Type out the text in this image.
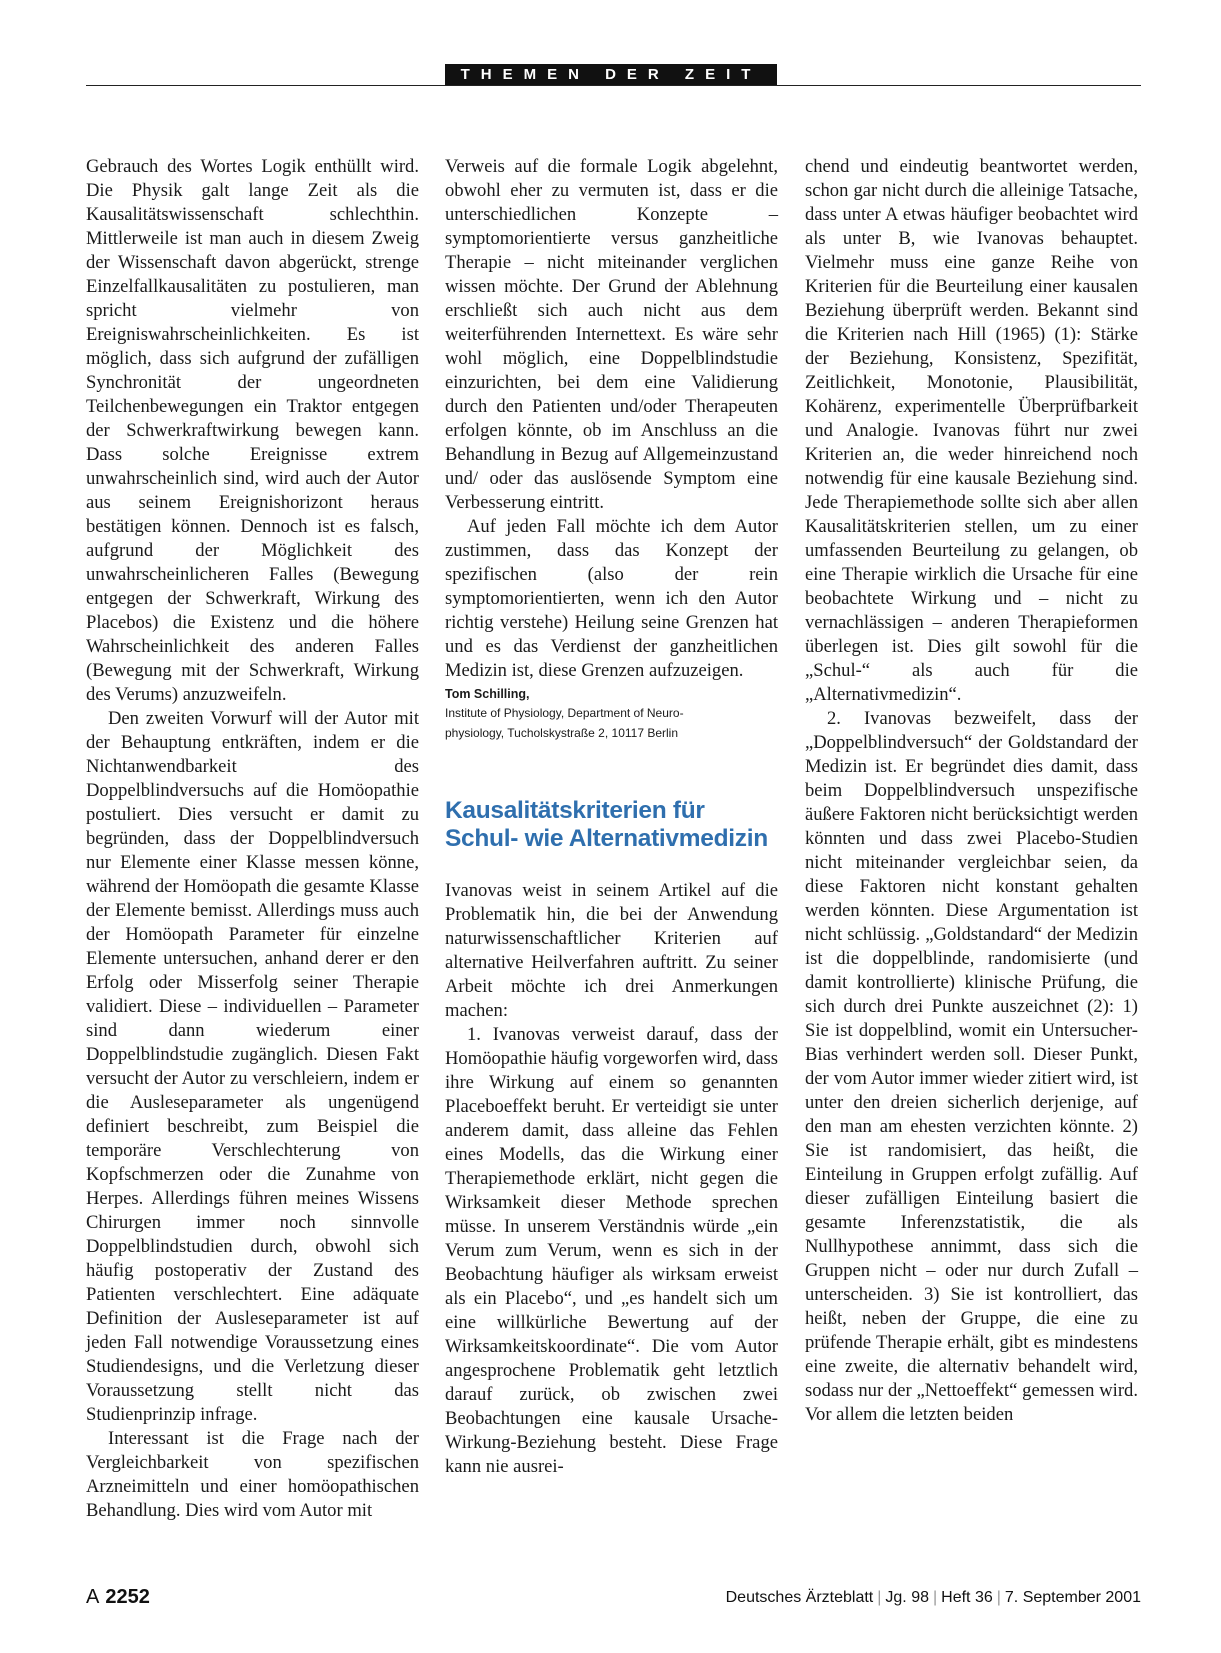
THEMEN DER ZEIT

Gebrauch des Wortes Logik enthüllt wird. Die Physik galt lange Zeit als die Kausalitätswissenschaft schlechthin. Mittlerweile ist man auch in diesem Zweig der Wissenschaft davon abgerückt, strenge Einzelfallkausalitäten zu postulieren, man spricht vielmehr von Ereigniswahrscheinlichkeiten. Es ist möglich, dass sich aufgrund der zufälligen Synchronität der ungeordneten Teilchenbewegungen ein Traktor entgegen der Schwerkraftwirkung bewegen kann. Dass solche Ereignisse extrem unwahrscheinlich sind, wird auch der Autor aus seinem Ereignishorizont heraus bestätigen können. Dennoch ist es falsch, aufgrund der Möglichkeit des unwahrscheinlicheren Falles (Bewegung entgegen der Schwerkraft, Wirkung des Placebos) die Existenz und die höhere Wahrscheinlichkeit des anderen Falles (Bewegung mit der Schwerkraft, Wirkung des Verums) anzuzweifeln.

Den zweiten Vorwurf will der Autor mit der Behauptung entkräften, indem er die Nichtanwendbarkeit des Doppelblindversuchs auf die Homöopathie postuliert. Dies versucht er damit zu begründen, dass der Doppelblindversuch nur Elemente einer Klasse messen könne, während der Homöopath die gesamte Klasse der Elemente bemisst. Allerdings muss auch der Homöopath Parameter für einzelne Elemente untersuchen, anhand derer er den Erfolg oder Misserfolg seiner Therapie validiert. Diese – individuellen – Parameter sind dann wiederum einer Doppelblindstudie zugänglich. Diesen Fakt versucht der Autor zu verschleiern, indem er die Ausleseparameter als ungenügend definiert beschreibt, zum Beispiel die temporäre Verschlechterung von Kopfschmerzen oder die Zunahme von Herpes. Allerdings führen meines Wissens Chirurgen immer noch sinnvolle Doppelblindstudien durch, obwohl sich häufig postoperativ der Zustand des Patienten verschlechtert. Eine adäquate Definition der Ausleseparameter ist auf jeden Fall notwendige Voraussetzung eines Studiendesigns, und die Verletzung dieser Voraussetzung stellt nicht das Studienprinzip infrage.

Interessant ist die Frage nach der Vergleichbarkeit von spezifischen Arzneimitteln und einer homöopathischen Behandlung. Dies wird vom Autor mit

Verweis auf die formale Logik abgelehnt, obwohl eher zu vermuten ist, dass er die unterschiedlichen Konzepte – symptomorientierte versus ganzheitliche Therapie – nicht miteinander verglichen wissen möchte. Der Grund der Ablehnung erschließt sich auch nicht aus dem weiterführenden Internettext. Es wäre sehr wohl möglich, eine Doppelblindstudie einzurichten, bei dem eine Validierung durch den Patienten und/oder Therapeuten erfolgen könnte, ob im Anschluss an die Behandlung in Bezug auf Allgemeinzustand und/ oder das auslösende Symptom eine Verbesserung eintritt.

Auf jeden Fall möchte ich dem Autor zustimmen, dass das Konzept der spezifischen (also der rein symptomorientierten, wenn ich den Autor richtig verstehe) Heilung seine Grenzen hat und es das Verdienst der ganzheitlichen Medizin ist, diese Grenzen aufzuzeigen.

Tom Schilling,
Institute of Physiology, Department of Neuro-
physiology, Tucholskystraße 2, 10117 Berlin
Kausalitätskriterien für
Schul- wie Alternativmedizin

Ivanovas weist in seinem Artikel auf die Problematik hin, die bei der Anwendung naturwissenschaftlicher Kriterien auf alternative Heilverfahren auftritt. Zu seiner Arbeit möchte ich drei Anmerkungen machen:

1. Ivanovas verweist darauf, dass der Homöopathie häufig vorgeworfen wird, dass ihre Wirkung auf einem so genannten Placeboeffekt beruht. Er verteidigt sie unter anderem damit, dass alleine das Fehlen eines Modells, das die Wirkung einer Therapiemethode erklärt, nicht gegen die Wirksamkeit dieser Methode sprechen müsse. In unserem Verständnis würde „ein Verum zum Verum, wenn es sich in der Beobachtung häufiger als wirksam erweist als ein Placebo“, und „es handelt sich um eine willkürliche Bewertung auf der Wirksamkeitskoordinate“. Die vom Autor angesprochene Problematik geht letztlich darauf zurück, ob zwischen zwei Beobachtungen eine kausale Ursache-Wirkung-Beziehung besteht. Diese Frage kann nie ausrei-

chend und eindeutig beantwortet werden, schon gar nicht durch die alleinige Tatsache, dass unter A etwas häufiger beobachtet wird als unter B, wie Ivanovas behauptet. Vielmehr muss eine ganze Reihe von Kriterien für die Beurteilung einer kausalen Beziehung überprüft werden. Bekannt sind die Kriterien nach Hill (1965) (1): Stärke der Beziehung, Konsistenz, Spezifität, Zeitlichkeit, Monotonie, Plausibilität, Kohärenz, experimentelle Überprüfbarkeit und Analogie. Ivanovas führt nur zwei Kriterien an, die weder hinreichend noch notwendig für eine kausale Beziehung sind. Jede Therapiemethode sollte sich aber allen Kausalitätskriterien stellen, um zu einer umfassenden Beurteilung zu gelangen, ob eine Therapie wirklich die Ursache für eine beobachtete Wirkung und – nicht zu vernachlässigen – anderen Therapieformen überlegen ist. Dies gilt sowohl für die „Schul-“ als auch für die „Alternativmedizin“.

2. Ivanovas bezweifelt, dass der „Doppelblindversuch“ der Goldstandard der Medizin ist. Er begründet dies damit, dass beim Doppelblindversuch unspezifische äußere Faktoren nicht berücksichtigt werden könnten und dass zwei Placebo-Studien nicht miteinander vergleichbar seien, da diese Faktoren nicht konstant gehalten werden könnten. Diese Argumentation ist nicht schlüssig. „Goldstandard“ der Medizin ist die doppelblinde, randomisierte (und damit kontrollierte) klinische Prüfung, die sich durch drei Punkte auszeichnet (2): 1) Sie ist doppelblind, womit ein Untersucher-Bias verhindert werden soll. Dieser Punkt, der vom Autor immer wieder zitiert wird, ist unter den dreien sicherlich derjenige, auf den man am ehesten verzichten könnte. 2) Sie ist randomisiert, das heißt, die Einteilung in Gruppen erfolgt zufällig. Auf dieser zufälligen Einteilung basiert die gesamte Inferenzstatistik, die als Nullhypothese annimmt, dass sich die Gruppen nicht – oder nur durch Zufall – unterscheiden. 3) Sie ist kontrolliert, das heißt, neben der Gruppe, die eine zu prüfende Therapie erhält, gibt es mindestens eine zweite, die alternativ behandelt wird, sodass nur der „Nettoeffekt“ gemessen wird. Vor allem die letzten beiden

A 2252	Deutsches Ärzteblatt | Jg. 98 | Heft 36 | 7. September 2001
